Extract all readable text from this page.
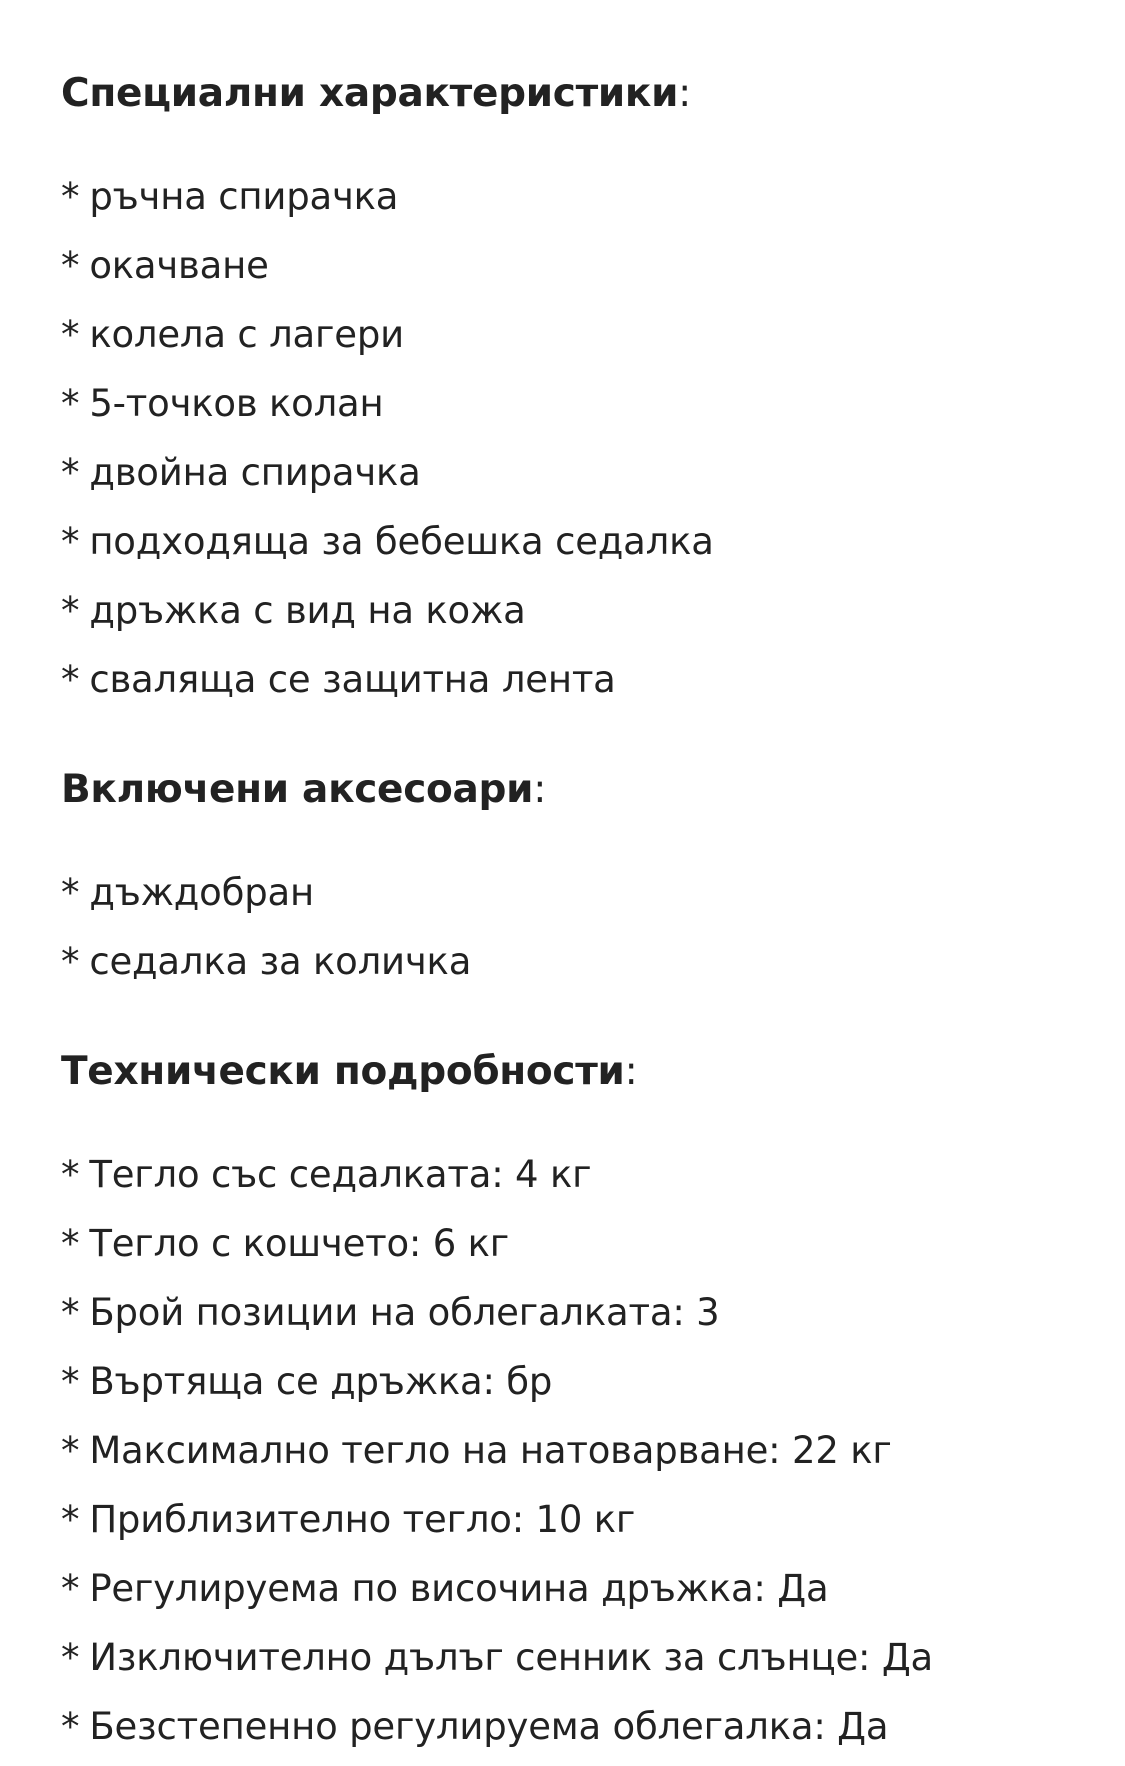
Специални характеристики:
* ръчна спирачка
* окачване
* колела с лагери
* 5-точков колан
* двойна спирачка
* подходяща за бебешка седалка
* дръжка с вид на кожа
* сваляща се защитна лента
Включени аксесоари:
* дъждобран
* седалка за количка
Технически подробности:
* Тегло със седалката: 4 кг
* Тегло с кошчето: 6 кг
* Брой позиции на облегалката: 3
* Въртяща се дръжка: бр
* Максимално тегло на натоварване: 22 кг
* Приблизително тегло: 10 кг
* Регулируема по височина дръжка: Да
* Изключително дълъг сенник за слънце: Да
* Безстепенно регулируема облегалка: Да
